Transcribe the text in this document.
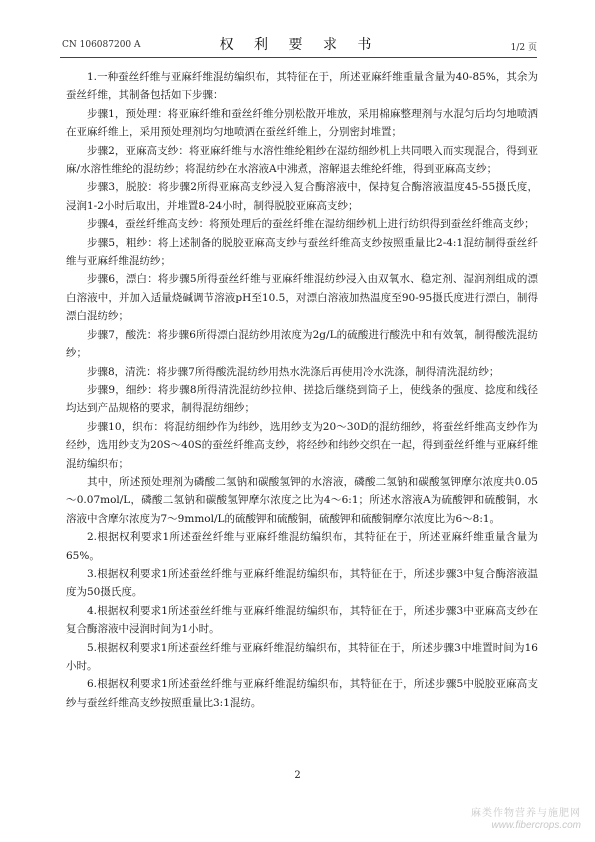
CN 106087200 A	权 利 要 求 书	1/2 页

1.一种蚕丝纤维与亚麻纤维混纺编织布，其特征在于，所述亚麻纤维重量含量为40-85%，其余为蚕丝纤维，其制备包括如下步骤：

步骤1，预处理：将亚麻纤维和蚕丝纤维分别松散开堆放，采用棉麻整理剂与水混匀后均匀地喷洒在亚麻纤维上，采用预处理剂均匀地喷洒在蚕丝纤维上，分别密封堆置；

步骤2，亚麻高支纱：将亚麻纤维与水溶性维纶粗纱在湿纺细纱机上共同喂入而实现混合，得到亚麻/水溶性维纶的混纺纱；将混纺纱在水溶液A中沸煮，溶解退去维纶纤维，得到亚麻高支纱；

步骤3，脱胶：将步骤2所得亚麻高支纱浸入复合酶溶液中，保持复合酶溶液温度45-55摄氏度，浸润1-2小时后取出，并堆置8-24小时，制得脱胶亚麻高支纱；

步骤4，蚕丝纤维高支纱：将预处理后的蚕丝纤维在湿纺细纱机上进行纺织得到蚕丝纤维高支纱；

步骤5，粗纱：将上述制备的脱胶亚麻高支纱与蚕丝纤维高支纱按照重量比2-4:1混纺制得蚕丝纤维与亚麻纤维混纺纱；

步骤6，漂白：将步骤5所得蚕丝纤维与亚麻纤维混纺纱浸入由双氧水、稳定剂、湿润剂组成的漂白溶液中，并加入适量烧碱调节溶液pH至10.5，对漂白溶液加热温度至90-95摄氏度进行漂白，制得漂白混纺纱；

步骤7，酸洗：将步骤6所得漂白混纺纱用浓度为2g/L的硫酸进行酸洗中和有效氧，制得酸洗混纺纱；

步骤8，清洗：将步骤7所得酸洗混纺纱用热水洗涤后再使用冷水洗涤，制得清洗混纺纱；

步骤9，细纱：将步骤8所得清洗混纺纱拉伸、搓捻后继绕到筒子上，使线条的强度、捻度和线径均达到产品规格的要求，制得混纺细纱；

步骤10，织布：将混纺细纱作为纬纱，选用纱支为20～30D的混纺细纱，将蚕丝纤维高支纱作为经纱，选用纱支为20S～40S的蚕丝纤维高支纱，将经纱和纬纱交织在一起，得到蚕丝纤维与亚麻纤维混纺编织布；

其中，所述预处理剂为磷酸二氢钠和碳酸氢钾的水溶液，磷酸二氢钠和碳酸氢钾摩尔浓度共0.05～0.07mol/L，磷酸二氢钠和碳酸氢钾摩尔浓度之比为4～6:1；所述水溶液A为硫酸钾和硫酸铜，水溶液中含摩尔浓度为7～9mmol/L的硫酸钾和硫酸铜，硫酸钾和硫酸铜摩尔浓度比为6～8:1。

2.根据权利要求1所述蚕丝纤维与亚麻纤维混纺编织布，其特征在于，所述亚麻纤维重量含量为65%。

3.根据权利要求1所述蚕丝纤维与亚麻纤维混纺编织布，其特征在于，所述步骤3中复合酶溶液温度为50摄氏度。

4.根据权利要求1所述蚕丝纤维与亚麻纤维混纺编织布，其特征在于，所述步骤3中亚麻高支纱在复合酶溶液中浸润时间为1小时。

5.根据权利要求1所述蚕丝纤维与亚麻纤维混纺编织布，其特征在于，所述步骤3中堆置时间为16小时。

6.根据权利要求1所述蚕丝纤维与亚麻纤维混纺编织布，其特征在于，所述步骤5中脱胶亚麻高支纱与蚕丝纤维高支纱按照重量比3:1混纺。

2
麻类作物营养与施肥网
www.fibercrops.com
